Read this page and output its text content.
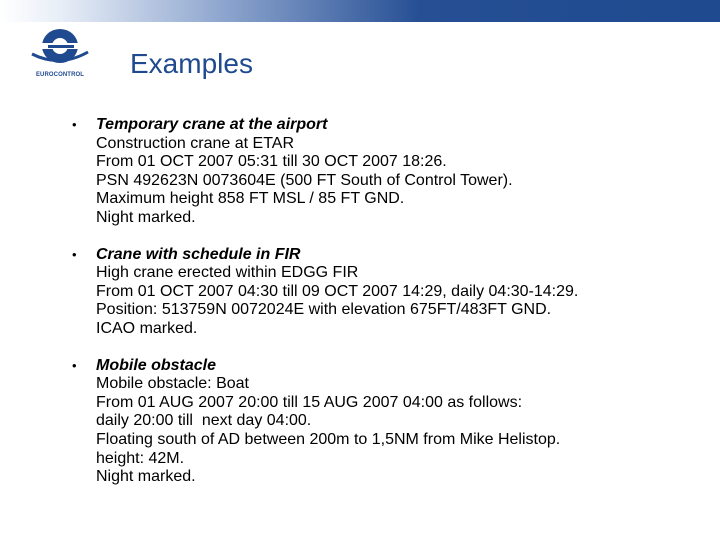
EUROCONTROL Examples
• Temporary crane at the airport
Construction crane at ETAR
From 01 OCT 2007 05:31 till 30 OCT 2007 18:26.
PSN 492623N 0073604E (500 FT South of Control Tower).
Maximum height 858 FT MSL / 85 FT GND.
Night marked.
• Crane with schedule in FIR
High crane erected within EDGG FIR
From 01 OCT 2007 04:30 till 09 OCT 2007 14:29, daily 04:30-14:29.
Position: 513759N 0072024E with elevation 675FT/483FT GND.
ICAO marked.
• Mobile obstacle
Mobile obstacle: Boat
From 01 AUG 2007 20:00 till 15 AUG 2007 04:00 as follows:
daily 20:00 till  next day 04:00.
Floating south of AD between 200m to 1,5NM from Mike Helistop.
height: 42M.
Night marked.
